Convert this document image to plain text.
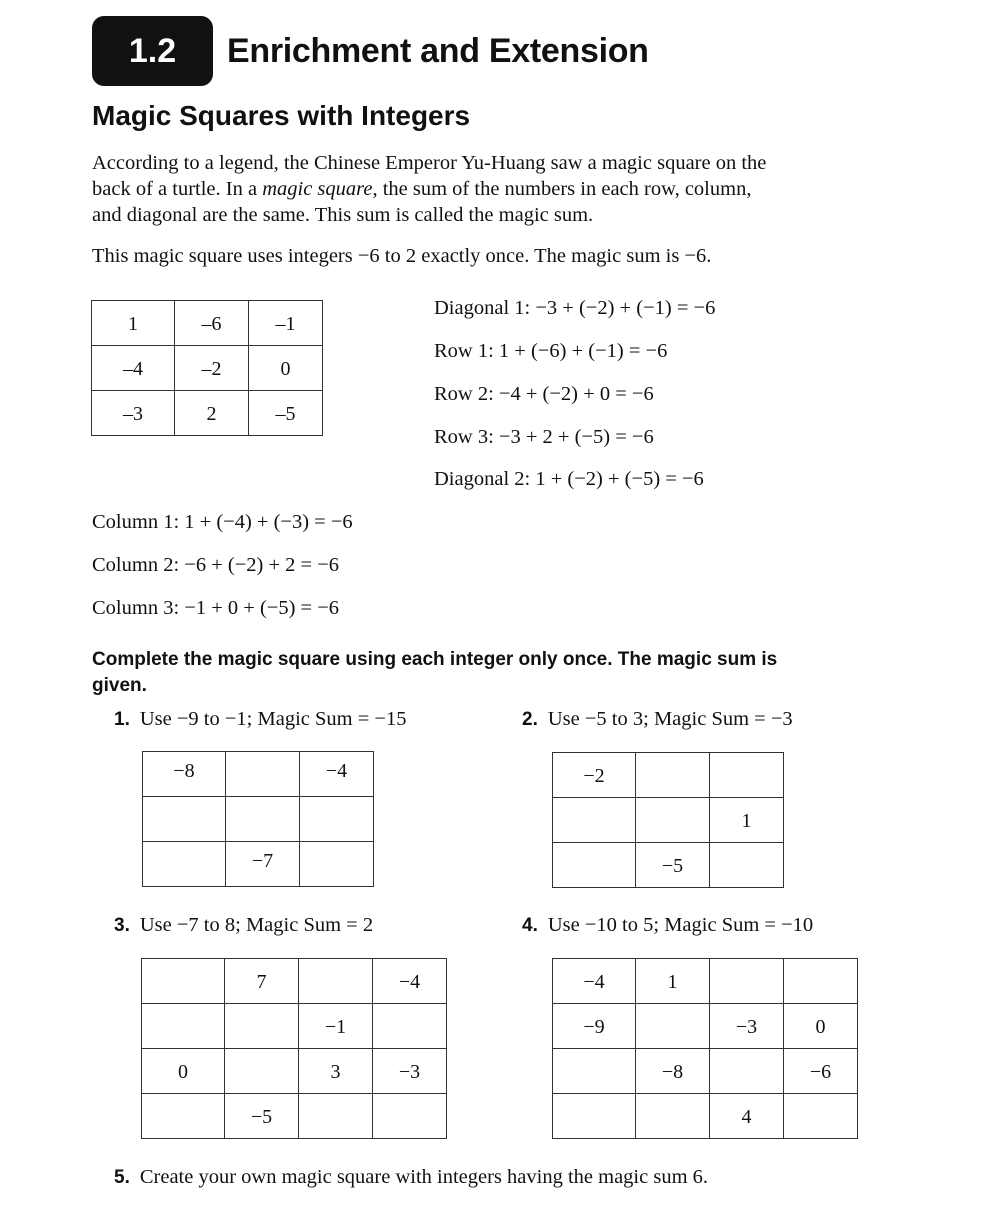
1.2 Enrichment and Extension
Magic Squares with Integers

According to a legend, the Chinese Emperor Yu-Huang saw a magic square on the back of a turtle. In a magic square, the sum of the numbers in each row, column, and diagonal are the same. This sum is called the magic sum.

This magic square uses integers −6 to 2 exactly once. The magic sum is −6.

1	–6	–1
–4	–2	0
–3	2	–5
Diagonal 1: −3 + (−2) + (−1) = −6
Row 1: 1 + (−6) + (−1) = −6
Row 2: −4 + (−2) + 0 = −6
Row 3: −3 + 2 + (−5) = −6
Diagonal 2: 1 + (−2) + (−5) = −6
Column 1: 1 + (−4) + (−3) = −6
Column 2: −6 + (−2) + 2 = −6
Column 3: −1 + 0 + (−5) = −6

Complete the magic square using each integer only once. The magic sum is given.

1. Use −9 to −1; Magic Sum = −15
−8		−4

	−7	
2. Use −5 to 3; Magic Sum = −3
−2		
		1
	−5	
3. Use −7 to 8; Magic Sum = 2
	7		−4
		−1	
0		3	−3
	−5		
4. Use −10 to 5; Magic Sum = −10
−4	1		
−9		−3	0
	−8		−6
		4	
5. Create your own magic square with integers having the magic sum 6.
